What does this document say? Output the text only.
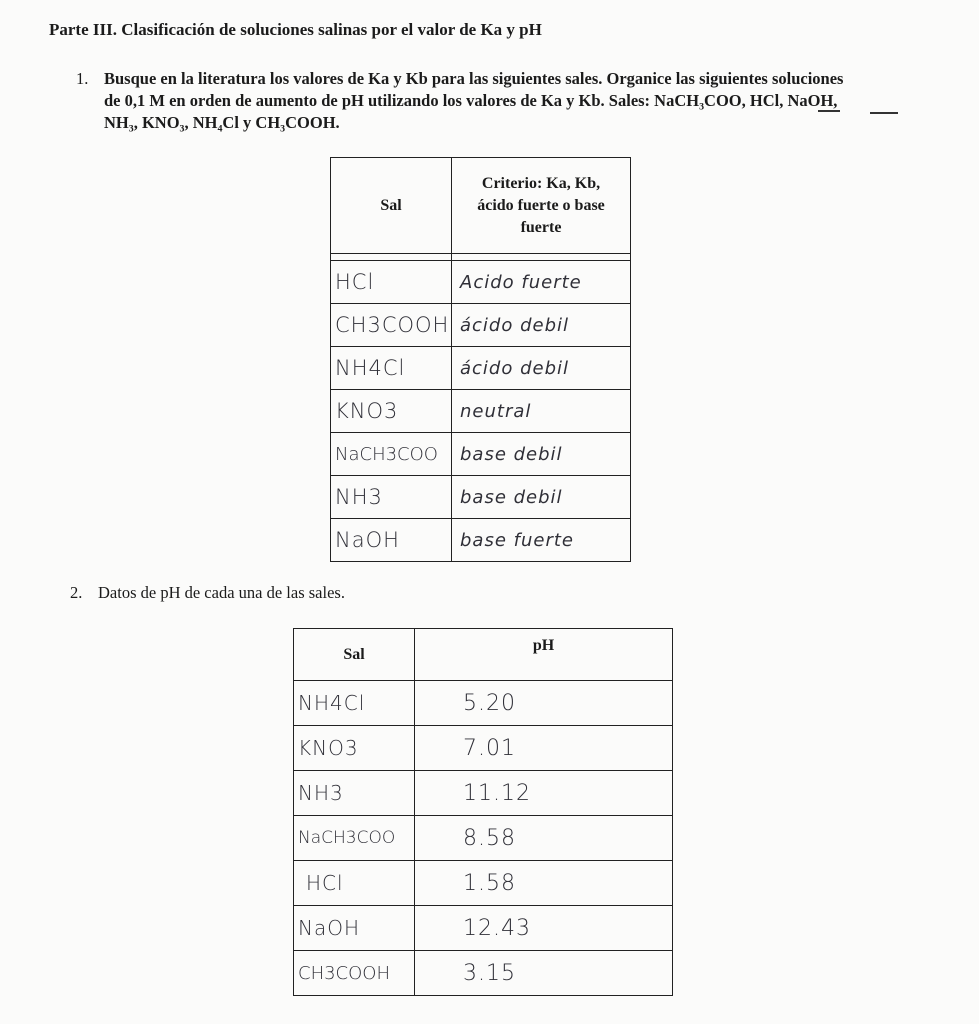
Parte III. Clasificación de soluciones salinas por el valor de Ka y pH
1. Busque en la literatura los valores de Ka y Kb para las siguientes sales. Organice las siguientes soluciones
de 0,1 M en orden de aumento de pH utilizando los valores de Ka y Kb. Sales: NaCH₃COO, HCl, NaOH,
NH₃, KNO₃, NH₄Cl y CH₃COOH.
Sal	Criterio: Ka, Kb,
ácido fuerte o base
fuerte

HCl	Acido fuerte
CH3COOH	ácido debil
NH4Cl	ácido debil
KNO3	neutral
NaCH3COO	base debil
NH3	base debil
NaOH	base fuerte
2. Datos de pH de cada una de las sales.
Sal	pH
NH4Cl	5.20
KNO3	7.01
NH3	11.12
NaCH3COO	8.58
HCl	1.58
NaOH	12.43
CH3COOH	3.15
